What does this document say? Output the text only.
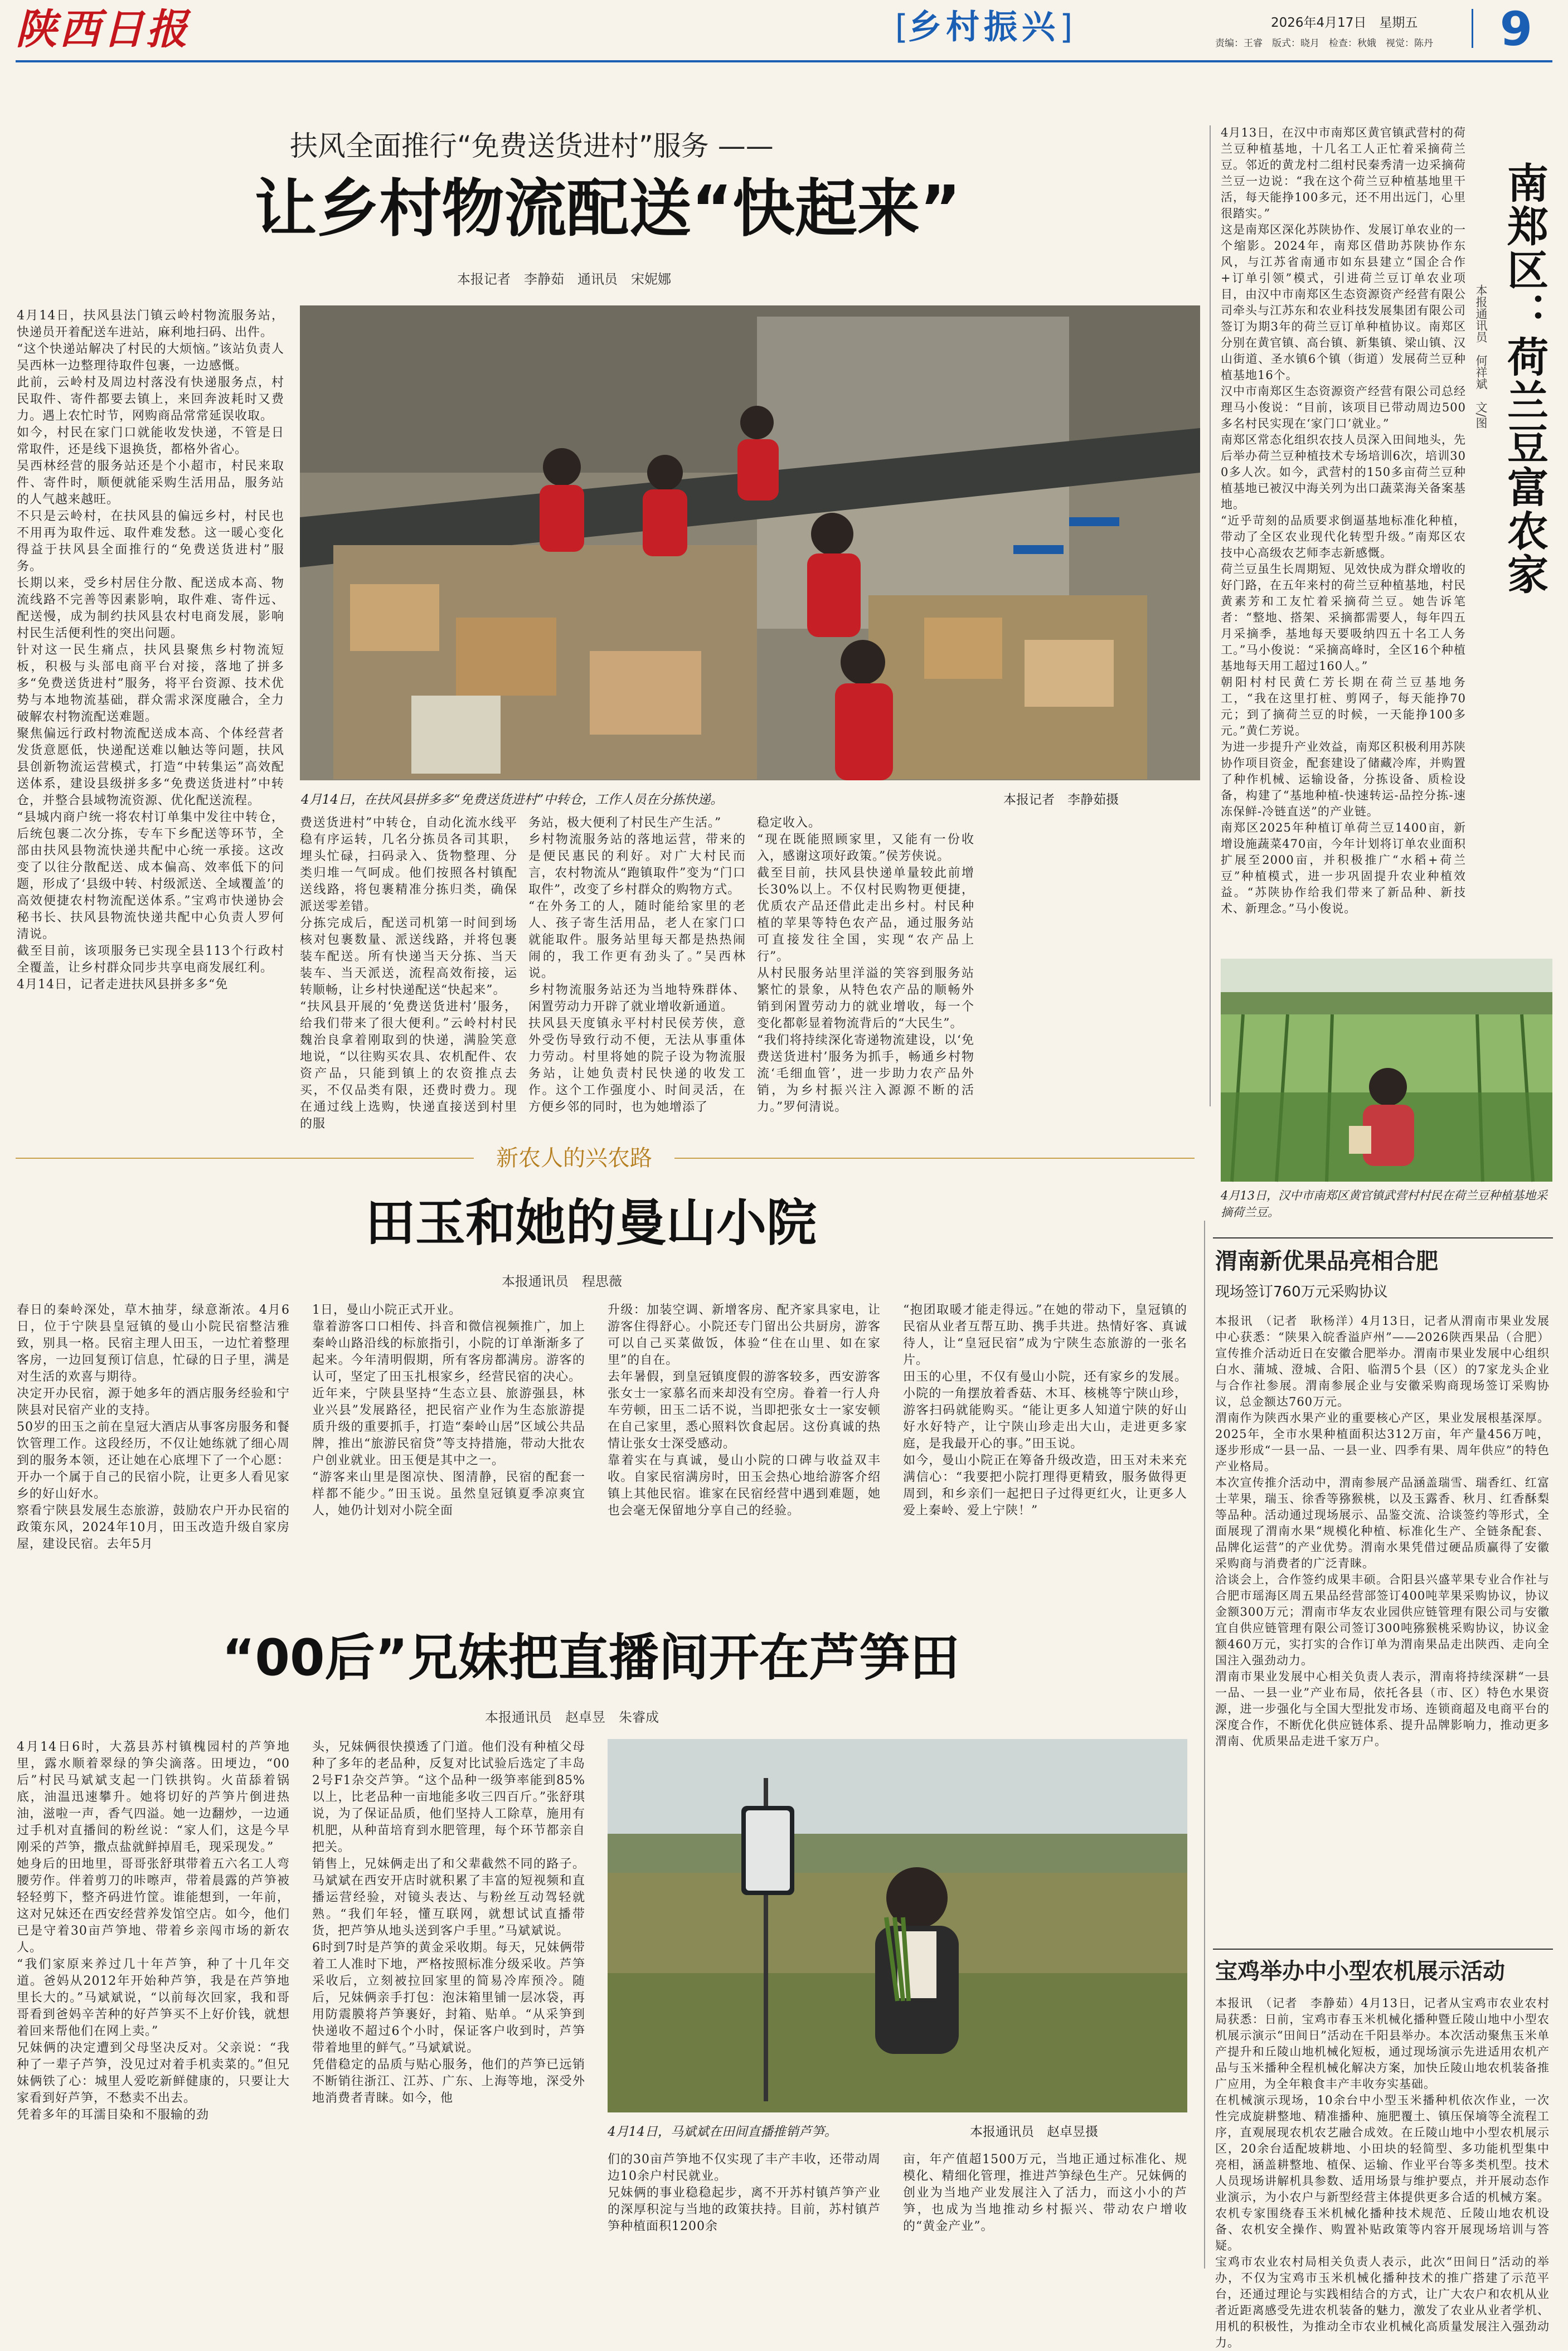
陕西日报	[乡村振兴]	2026年4月17日　星期五
责编：王睿　版式：晓月　检查：秋娥　视觉：陈丹	9
扶风全面推行“免费送货进村”服务 ——
让乡村物流配送“快起来”
本报记者　李静茹　通讯员　宋妮娜
4月14日，扶风县法门镇云岭村物流服务站，快递员开着配送车进站，麻利地扫码、出件。
“这个快递站解决了村民的大烦恼。”该站负责人吴西林一边整理待取件包裹，一边感慨。
此前，云岭村及周边村落没有快递服务点，村民取件、寄件都要去镇上，来回奔波耗时又费力。遇上农忙时节，网购商品常常延误收取。
如今，村民在家门口就能收发快递，不管是日常取件，还是线下退换货，都格外省心。
吴西林经营的服务站还是个小超市，村民来取件、寄件时，顺便就能采购生活用品，服务站的人气越来越旺。
不只是云岭村，在扶风县的偏远乡村，村民也不用再为取件远、取件难发愁。这一暖心变化得益于扶风县全面推行的“免费送货进村”服务。
长期以来，受乡村居住分散、配送成本高、物流线路不完善等因素影响，取件难、寄件远、配送慢，成为制约扶风县农村电商发展，影响村民生活便利性的突出问题。
针对这一民生痛点，扶风县聚焦乡村物流短板，积极与头部电商平台对接，落地了拼多多“免费送货进村”服务，将平台资源、技术优势与本地物流基础，群众需求深度融合，全力破解农村物流配送难题。
聚焦偏远行政村物流配送成本高、个体经营者发货意愿低，快递配送难以触达等问题，扶风县创新物流运营模式，打造“中转集运”高效配送体系，建设县级拼多多“免费送货进村”中转仓，并整合县域物流资源、优化配送流程。
“县城内商户统一将农村订单集中发往中转仓，后统包裹二次分拣，专车下乡配送等环节，全部由扶风县物流快递共配中心统一承接。这改变了以往分散配送、成本偏高、效率低下的问题，形成了‘县级中转、村级派送、全域覆盖’的高效便捷农村物流配送体系。”宝鸡市快递协会秘书长、扶风县物流快递共配中心负责人罗何清说。
截至目前，该项服务已实现全县113个行政村全覆盖，让乡村群众同步共享电商发展红利。
4月14日，记者走进扶风县拼多多“免
4月14日，在扶风县拼多多“免费送货进村”中转仓，工作人员在分拣快递。	本报记者　李静茹摄
费送货进村”中转仓，自动化流水线平稳有序运转，几名分拣员各司其职，埋头忙碌，扫码录入、货物整理、分类归堆一气呵成。他们按照各村镇配送线路，将包裹精准分拣归类，确保派送零差错。
分拣完成后，配送司机第一时间到场核对包裹数量、派送线路，并将包裹装车配送。所有快递当天分拣、当天装车、当天派送，流程高效衔接，运转顺畅，让乡村快递配送“快起来”。
“扶风县开展的‘免费送货进村’服务，给我们带来了很大便利。”云岭村村民魏治良拿着刚取到的快递，满脸笑意地说，“以往购买农具、农机配件、农资产品，只能到镇上的农资推点去买，不仅品类有限，还费时费力。现在通过线上选购，快递直接送到村里的服
务站，极大便利了村民生产生活。”
乡村物流服务站的落地运营，带来的是便民惠民的利好。对广大村民而言，农村物流从“跑镇取件”变为“门口取件”，改变了乡村群众的购物方式。
“在外务工的人，随时能给家里的老人、孩子寄生活用品，老人在家门口就能取件。服务站里每天都是热热闹闹的，我工作更有劲头了。”吴西林说。
乡村物流服务站还为当地特殊群体、闲置劳动力开辟了就业增收新通道。
扶风县天度镇永平村村民侯芳侠，意外受伤导致行动不便，无法从事重体力劳动。村里将她的院子设为物流服务站，让她负责村民快递的收发工作。这个工作强度小、时间灵活，在方便乡邻的同时，也为她增添了
稳定收入。
“现在既能照顾家里，又能有一份收入，感谢这项好政策。”侯芳侠说。
截至目前，扶风县快递单量较此前增长30%以上。不仅村民购物更便捷，优质农产品还借此走出乡村。村民种植的苹果等特色农产品，通过服务站可直接发往全国，实现“农产品上行”。
从村民服务站里洋溢的笑容到服务站繁忙的景象，从特色农产品的顺畅外销到闲置劳动力的就业增收，每一个变化都彰显着物流背后的“大民生”。
“我们将持续深化寄递物流建设，以‘免费送货进村’服务为抓手，畅通乡村物流‘毛细血管’，进一步助力农产品外销，为乡村振兴注入源源不断的活力。”罗何清说。
4月13日，在汉中市南郑区黄官镇武营村的荷兰豆种植基地，十几名工人正忙着采摘荷兰豆。邻近的黄龙村二组村民秦秀清一边采摘荷兰豆一边说：“我在这个荷兰豆种植基地里干活，每天能挣100多元，还不用出远门，心里很踏实。”
这是南郑区深化苏陕协作、发展订单农业的一个缩影。2024年，南郑区借助苏陕协作东风，与江苏省南通市如东县建立“国企合作+订单引领”模式，引进荷兰豆订单农业项目，由汉中市南郑区生态资源资产经营有限公司牵头与江苏东和农业科技发展集团有限公司签订为期3年的荷兰豆订单种植协议。南郑区分别在黄官镇、高台镇、新集镇、梁山镇、汉山街道、圣水镇6个镇（街道）发展荷兰豆种植基地16个。
汉中市南郑区生态资源资产经营有限公司总经理马小俊说：“目前，该项目已带动周边500多名村民实现在‘家门口’就业。”
南郑区常态化组织农技人员深入田间地头，先后举办荷兰豆种植技术专场培训6次，培训300多人次。如今，武营村的150多亩荷兰豆种植基地已被汉中海关列为出口蔬菜海关备案基地。
“近乎苛刻的品质要求倒逼基地标准化种植，带动了全区农业现代化转型升级。”南郑区农技中心高级农艺师李志新感慨。
荷兰豆虽生长周期短、见效快成为群众增收的好门路，在五年来村的荷兰豆种植基地，村民黄素芳和工友忙着采摘荷兰豆。她告诉笔者：“整地、搭架、采摘都需要人，每年四五月采摘季，基地每天要吸纳四五十名工人务工。”马小俊说：“采摘高峰时，全区16个种植基地每天用工超过160人。”
朝阳村村民黄仁芳长期在荷兰豆基地务工，“我在这里打桩、剪网子，每天能挣70元；到了摘荷兰豆的时候，一天能挣100多元。”黄仁芳说。
为进一步提升产业效益，南郑区积极利用苏陕协作项目资金，配套建设了储藏冷库，并购置了种作机械、运输设备，分拣设备、质检设备，构建了“基地种植-快速转运-品控分拣-速冻保鲜-冷链直送”的产业链。
南郑区2025年种植订单荷兰豆1400亩，新增设施蔬菜470亩，今年计划将订单农业面积扩展至2000亩，并积极推广“水稻+荷兰豆”种植模式，进一步巩固提升农业种植效益。“苏陕协作给我们带来了新品种、新技术、新理念。”马小俊说。
南郑区：荷兰豆富农家
本报通讯员　何祥斌　文/图
4月13日，汉中市南郑区黄官镇武营村村民在荷兰豆种植基地采摘荷兰豆。
新农人的兴农路
田玉和她的曼山小院
本报通讯员　程思薇
春日的秦岭深处，草木抽芽，绿意渐浓。4月6日，位于宁陕县皇冠镇的曼山小院民宿整洁雅致，别具一格。民宿主理人田玉，一边忙着整理客房，一边回复预订信息，忙碌的日子里，满是对生活的欢喜与期待。
决定开办民宿，源于她多年的酒店服务经验和宁陕县对民宿产业的支持。
50岁的田玉之前在皇冠大酒店从事客房服务和餐饮管理工作。这段经历，不仅让她练就了细心周到的服务本领，还让她在心底埋下了一个心愿：开办一个属于自己的民宿小院，让更多人看见家乡的好山好水。
察看宁陕县发展生态旅游，鼓励农户开办民宿的政策东风，2024年10月，田玉改造升级自家房屋，建设民宿。去年5月
1日，曼山小院正式开业。
靠着游客口口相传、抖音和微信视频推广，加上秦岭山路沿线的标旅指引，小院的订单渐渐多了起来。今年清明假期，所有客房都满房。游客的认可，坚定了田玉扎根家乡，经营民宿的决心。
近年来，宁陕县坚持“生态立县、旅游强县，林业兴县”发展路径，把民宿产业作为生态旅游提质升级的重要抓手，打造“秦岭山居”区域公共品牌，推出“旅游民宿贷”等支持措施，带动大批农户创业就业。田玉便是其中之一。
“游客来山里是图凉快、图清静，民宿的配套一样都不能少。”田玉说。虽然皇冠镇夏季凉爽宜人，她仍计划对小院全面
升级：加装空调、新增客房、配齐家具家电，让游客住得舒心。小院还专门留出公共厨房，游客可以自己买菜做饭，体验“住在山里、如在家里”的自在。
去年暑假，到皇冠镇度假的游客较多，西安游客张女士一家慕名而来却没有空房。眷着一行人舟车劳顿，田玉二话不说，当即把张女士一家安顿在自己家里，悉心照料饮食起居。这份真诚的热情让张女士深受感动。
靠着实在与真诚，曼山小院的口碑与收益双丰收。自家民宿满房时，田玉会热心地给游客介绍镇上其他民宿。谁家在民宿经营中遇到难题，她也会毫无保留地分享自己的经验。
“抱团取暖才能走得远。”在她的带动下，皇冠镇的民宿从业者互帮互助、携手共进。热情好客、真诚待人，让“皇冠民宿”成为宁陕生态旅游的一张名片。
田玉的心里，不仅有曼山小院，还有家乡的发展。小院的一角摆放着香菇、木耳、核桃等宁陕山珍，游客扫码就能购买。“能让更多人知道宁陕的好山好水好特产，让宁陕山珍走出大山，走进更多家庭，是我最开心的事。”田玉说。
如今，曼山小院正在筹备升级改造，田玉对未来充满信心：“我要把小院打理得更精致，服务做得更周到，和乡亲们一起把日子过得更红火，让更多人爱上秦岭、爱上宁陕！”
“00后”兄妹把直播间开在芦笋田
本报通讯员　赵卓昱　朱睿成
4月14日6时，大荔县苏村镇槐园村的芦笋地里，露水顺着翠绿的笋尖滴落。田埂边，“00后”村民马斌斌支起一门铁拱钩。火苗舔着锅底，油温迅速攀升。她将切好的芦笋片倒进热油，滋啦一声，香气四溢。她一边翻炒，一边通过手机对直播间的粉丝说：“家人们，这是今早刚采的芦笋，撒点盐就鲜掉眉毛，现采现发。”
她身后的田地里，哥哥张舒琪带着五六名工人弯腰劳作。伴着剪刀的咔嚓声，带着晨露的芦笋被轻轻剪下，整齐码进竹筐。谁能想到，一年前，这对兄妹还在西安经营养发馆空店。如今，他们已是守着30亩芦笋地、带着乡亲闯市场的新农人。
“我们家原来养过几十年芦笋，种了十几年交道。爸妈从2012年开始种芦笋，我是在芦笋地里长大的。”马斌斌说，“以前每次回家，我和哥哥看到爸妈辛苦种的好芦笋买不上好价钱，就想着回来帮他们在网上卖。”
兄妹俩的决定遭到父母坚决反对。父亲说：“我种了一辈子芦笋，没见过对着手机卖菜的。”但兄妹俩铁了心：城里人爱吃新鲜健康的，只要让大家看到好芦笋，不愁卖不出去。
凭着多年的耳濡目染和不服输的劲
头，兄妹俩很快摸透了门道。他们没有种植父母种了多年的老品种，反复对比试验后选定了丰岛2号F1杂交芦笋。“这个品种一级笋率能到85%以上，比老品种一亩地能多收三四百斤。”张舒琪说，为了保证品质，他们坚持人工除草，施用有机肥，从种苗培育到水肥管理，每个环节都亲自把关。
销售上，兄妹俩走出了和父辈截然不同的路子。马斌斌在西安开店时就积累了丰富的短视频和直播运营经验，对镜头表达、与粉丝互动驾轻就熟。“我们年轻，懂互联网，就想试试直播带货，把芦笋从地头送到客户手里。”马斌斌说。
6时到7时是芦笋的黄金采收期。每天，兄妹俩带着工人准时下地，严格按照标准分级采收。芦笋采收后，立刻被拉回家里的简易冷库预冷。随后，兄妹俩亲手打包：泡沫箱里铺一层冰袋，再用防震膜将芦笋裹好，封箱、贴单。“从采笋到快递收不超过6个小时，保证客户收到时，芦笋带着地里的鲜气。”马斌斌说。
凭借稳定的品质与贴心服务，他们的芦笋已远销不断销往浙江、江苏、广东、上海等地，深受外地消费者青睐。如今，他
4月14日，马斌斌在田间直播推销芦笋。	本报通讯员　赵卓昱摄
们的30亩芦笋地不仅实现了丰产丰收，还带动周边10余户村民就业。
兄妹俩的事业稳稳起步，离不开苏村镇芦笋产业的深厚积淀与当地的政策扶持。目前，苏村镇芦笋种植面积1200余
亩，年产值超1500万元，当地正通过标准化、规模化、精细化管理，推进芦笋绿色生产。兄妹俩的创业为当地产业发展注入了活力，而这小小的芦笋，也成为当地推动乡村振兴、带动农户增收的“黄金产业”。
渭南新优果品亮相合肥
现场签订760万元采购协议
本报讯　（记者　耿杨洋）4月13日，记者从渭南市果业发展中心获悉：“陕果入皖香溢庐州”——2026陕西果品（合肥）宣传推介活动近日在安徽合肥举办。渭南市果业发展中心组织白水、蒲城、澄城、合阳、临渭5个县（区）的7家龙头企业与合作社参展。渭南参展企业与安徽采购商现场签订采购协议，总金额达760万元。
渭南作为陕西水果产业的重要核心产区，果业发展根基深厚。2025年，全市水果种植面积达312万亩，年产量456万吨，逐步形成“一县一品、一县一业、四季有果、周年供应”的特色产业格局。
本次宣传推介活动中，渭南参展产品涵盖瑞雪、瑞香红、红富士苹果，瑞玉、徐香等猕猴桃，以及玉露香、秋月、红香酥梨等品种。活动通过现场展示、品鉴交流、洽谈签约等形式，全面展现了渭南水果“规模化种植、标准化生产、全链条配套、品牌化运营”的产业优势。渭南水果凭借过硬品质赢得了安徽采购商与消费者的广泛青睐。
洽谈会上，合作签约成果丰硕。合阳县兴盛苹果专业合作社与合肥市瑶海区周五果品经营部签订400吨苹果采购协议，协议金额300万元；渭南市华友农业园供应链管理有限公司与安徽宜自供应链管理有限公司签订300吨猕猴桃采购协议，协议金额460万元，实打实的合作订单为渭南果品走出陕西、走向全国注入强劲动力。
渭南市果业发展中心相关负责人表示，渭南将持续深耕“一县一品、一县一业”产业布局，依托各县（市、区）特色水果资源，进一步强化与全国大型批发市场、连锁商超及电商平台的深度合作，不断优化供应链体系、提升品牌影响力，推动更多渭南、优质果品走进千家万户。
宝鸡举办中小型农机展示活动
本报讯　（记者　李静茹）4月13日，记者从宝鸡市农业农村局获悉：日前，宝鸡市春玉米机械化播种暨丘陵山地中小型农机展示演示“田间日”活动在千阳县举办。本次活动聚焦玉米单产提升和丘陵山地机械化短板，通过现场演示先进适用农机产品与玉米播种全程机械化解决方案，加快丘陵山地农机装备推广应用，为全年粮食丰产丰收夯实基础。
在机械演示现场，10余台中小型玉米播种机依次作业，一次性完成旋耕整地、精准播种、施肥覆土、镇压保墒等全流程工序，直观展现农机农艺融合成效。在丘陵山地中小型农机展示区，20余台适配坡耕地、小田块的轻简型、多功能机型集中亮相，涵盖耕整地、植保、运输、作业平台等多类机型。技术人员现场讲解机具参数、适用场景与维护要点，并开展动态作业演示，为小农户与新型经营主体提供更多合适的机械方案。农机专家围绕春玉米机械化播种技术规范、丘陵山地农机设备、农机安全操作、购置补贴政策等内容开展现场培训与答疑。
宝鸡市农业农村局相关负责人表示，此次“田间日”活动的举办，不仅为宝鸡市玉米机械化播种技术的推广搭建了示范平台，还通过理论与实践相结合的方式，让广大农户和农机从业者近距离感受先进农机装备的魅力，激发了农业从业者学机、用机的积极性，为推动全市农业机械化高质量发展注入强劲动力。
